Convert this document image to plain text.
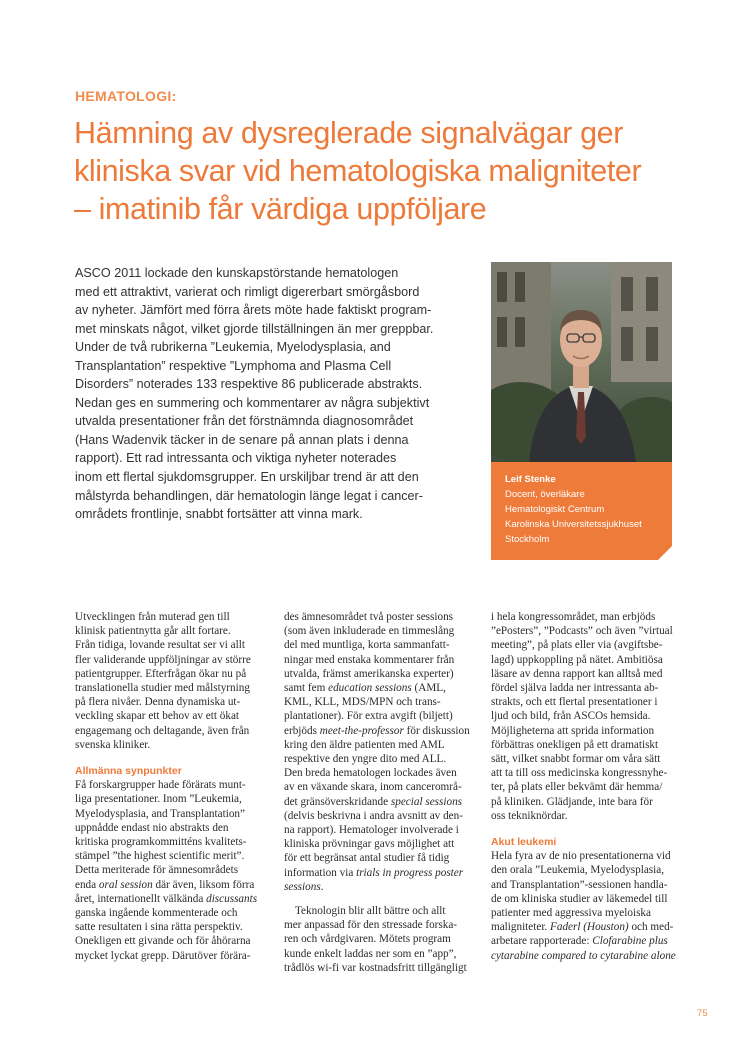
HEMATOLOGI:
Hämning av dysreglerade signalvägar ger
kliniska svar vid hematologiska maligniteter
– imatinib får värdiga uppföljare
ASCO 2011 lockade den kunskapstörstande hematologen
med ett attraktivt, varierat och rimligt digererbart smörgåsbord
av nyheter. Jämfört med förra årets möte hade faktiskt program-
met minskats något, vilket gjorde tillställningen än mer greppbar.
Under de två rubrikerna ”Leukemia, Myelodysplasia, and
Transplantation” respektive ”Lymphoma and Plasma Cell
Disorders” noterades 133 respektive 86 publicerade abstrakts.
Nedan ges en summering och kommentarer av några subjektivt
utvalda presentationer från det förstnämnda diagnosområdet
(Hans Wadenvik täcker in de senare på annan plats i denna
rapport). Ett rad intressanta och viktiga nyheter noterades
inom ett flertal sjukdomsgrupper. En urskiljbar trend är att den
målstyrda behandlingen, där hematologin länge legat i cancer-
områdets frontlinje, snabbt fortsätter att vinna mark.
Leif Stenke
Docent, överläkare
Hematologiskt Centrum
Karolinska Universitetssjukhuset
Stockholm
Utvecklingen från muterad gen till
klinisk patientnytta går allt fortare.
Från tidiga, lovande resultat ser vi allt
fler validerande uppföljningar av större
patientgrupper. Efterfrågan ökar nu på
translationella studier med målstyrning
på flera nivåer. Denna dynamiska ut-
veckling skapar ett behov av ett ökat
engagemang och deltagande, även från
svenska kliniker.
Allmänna synpunkter
Få forskargrupper hade förärats munt-
liga presentationer. Inom ”Leukemia,
Myelodysplasia, and Transplantation”
uppnådde endast nio abstrakts den
kritiska programkommitténs kvalitets-
stämpel ”the highest scientific merit”.
Detta meriterade för ämnesområdets
enda oral session där även, liksom förra
året, internationellt välkända discussants
ganska ingående kommenterade och
satte resultaten i sina rätta perspektiv.
Onekligen ett givande och för åhörarna
mycket lyckat grepp. Därutöver förära-
des ämnesområdet två poster sessions
(som även inkluderade en timmeslång
del med muntliga, korta sammanfatt-
ningar med enstaka kommentarer från
utvalda, främst amerikanska experter)
samt fem education sessions (AML,
KML, KLL, MDS/MPN och trans-
plantationer). För extra avgift (biljett)
erbjöds meet-the-professor för diskussion
kring den äldre patienten med AML
respektive den yngre dito med ALL.
Den breda hematologen lockades även
av en växande skara, inom cancerområ-
det gränsöverskridande special sessions
(delvis beskrivna i andra avsnitt av den-
na rapport). Hematologer involverade i
kliniska prövningar gavs möjlighet att
för ett begränsat antal studier få tidig
information via trials in progress poster
sessions.
Teknologin blir allt bättre och allt
mer anpassad för den stressade forska-
ren och vårdgivaren. Mötets program
kunde enkelt laddas ner som en ”app”,
trådlös wi-fi var kostnadsfritt tillgängligt
i hela kongressområdet, man erbjöds
”ePosters”, ”Podcasts” och även ”virtual
meeting”, på plats eller via (avgiftsbe-
lagd) uppkoppling på nätet. Ambitiösa
läsare av denna rapport kan alltså med
fördel själva ladda ner intressanta ab-
strakts, och ett flertal presentationer i
ljud och bild, från ASCOs hemsida.
Möjligheterna att sprida information
förbättras onekligen på ett dramatiskt
sätt, vilket snabbt formar om våra sätt
att ta till oss medicinska kongressnyhe-
ter, på plats eller bekvämt där hemma/
på kliniken. Glädjande, inte bara för
oss tekniknördar.
Akut leukemi
Hela fyra av de nio presentationerna vid
den orala ”Leukemia, Myelodysplasia,
and Transplantation”-sessionen handla-
de om kliniska studier av läkemedel till
patienter med aggressiva myeloiska
maligniteter. Faderl (Houston) och med-
arbetare rapporterade: Clofarabine plus
cytarabine compared to cytarabine alone
75
